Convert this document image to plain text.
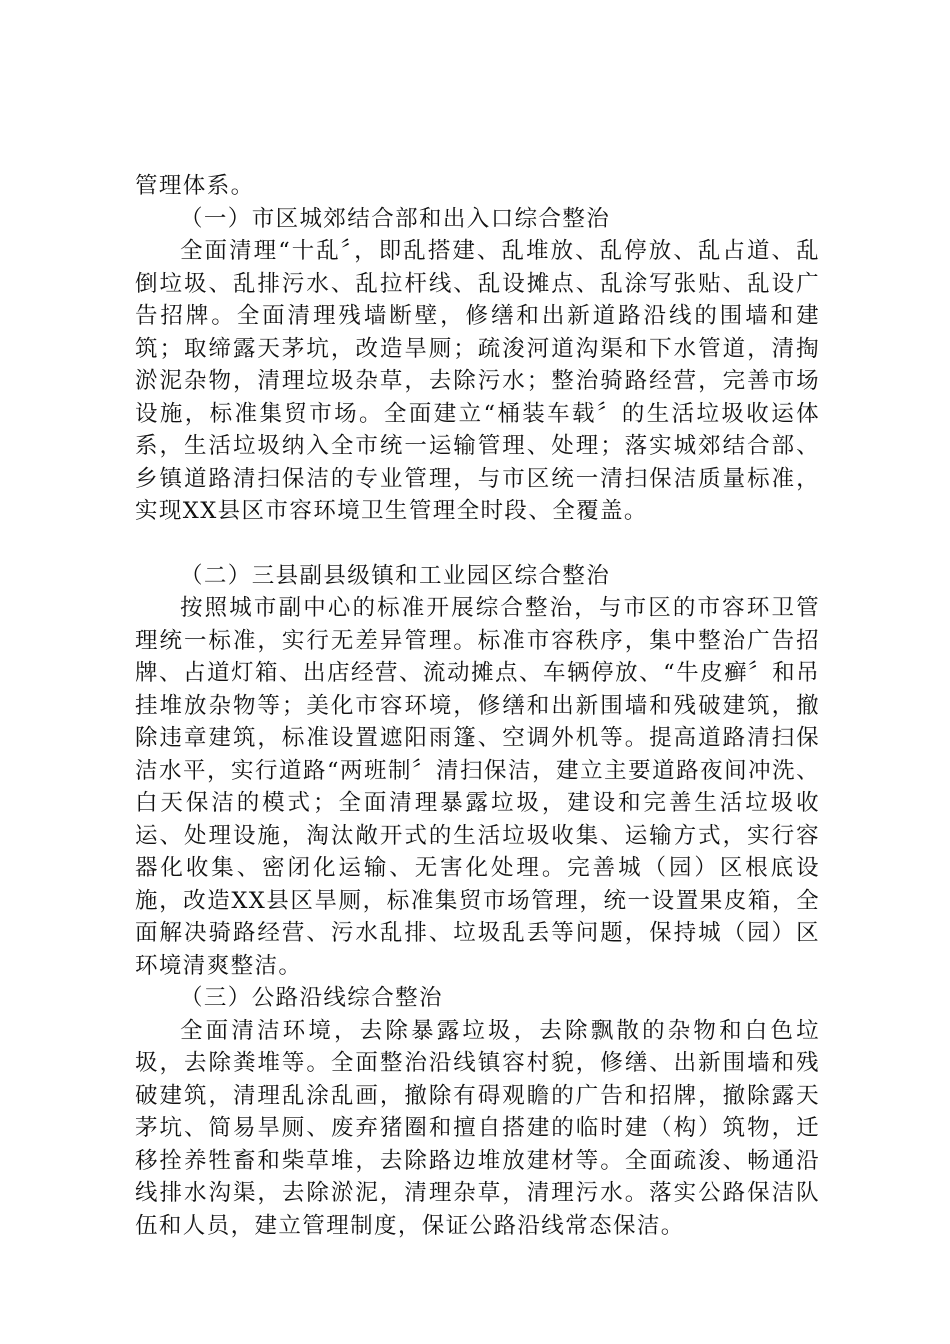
管理体系。

（一）市区城郊结合部和出入口综合整治

全面清理“十乱〞，即乱搭建、乱堆放、乱停放、乱占道、乱倒垃圾、乱排污水、乱拉杆线、乱设摊点、乱涂写张贴、乱设广告招牌。全面清理残墙断壁，修缮和出新道路沿线的围墙和建筑；取缔露天茅坑，改造旱厕；疏浚河道沟渠和下水管道，清掏淤泥杂物，清理垃圾杂草，去除污水；整治骑路经营，完善市场设施，标准集贸市场。全面建立“桶装车载〞的生活垃圾收运体系，生活垃圾纳入全市统一运输管理、处理；落实城郊结合部、乡镇道路清扫保洁的专业管理，与市区统一清扫保洁质量标准，实现XX县区市容环境卫生管理全时段、全覆盖。

（二）三县副县级镇和工业园区综合整治

按照城市副中心的标准开展综合整治，与市区的市容环卫管理统一标准，实行无差异管理。标准市容秩序，集中整治广告招牌、占道灯箱、出店经营、流动摊点、车辆停放、“牛皮癣〞和吊挂堆放杂物等；美化市容环境，修缮和出新围墙和残破建筑，撤除违章建筑，标准设置遮阳雨篷、空调外机等。提高道路清扫保洁水平，实行道路“两班制〞清扫保洁，建立主要道路夜间冲洗、白天保洁的模式；全面清理暴露垃圾，建设和完善生活垃圾收运、处理设施，淘汰敞开式的生活垃圾收集、运输方式，实行容器化收集、密闭化运输、无害化处理。完善城（园）区根底设施，改造XX县区旱厕，标准集贸市场管理，统一设置果皮箱，全面解决骑路经营、污水乱排、垃圾乱丢等问题，保持城（园）区环境清爽整洁。

（三）公路沿线综合整治

全面清洁环境，去除暴露垃圾，去除飘散的杂物和白色垃圾，去除粪堆等。全面整治沿线镇容村貌，修缮、出新围墙和残破建筑，清理乱涂乱画，撤除有碍观瞻的广告和招牌，撤除露天茅坑、简易旱厕、废弃猪圈和擅自搭建的临时建（构）筑物，迁移拴养牲畜和柴草堆，去除路边堆放建材等。全面疏浚、畅通沿线排水沟渠，去除淤泥，清理杂草，清理污水。落实公路保洁队伍和人员，建立管理制度，保证公路沿线常态保洁。
